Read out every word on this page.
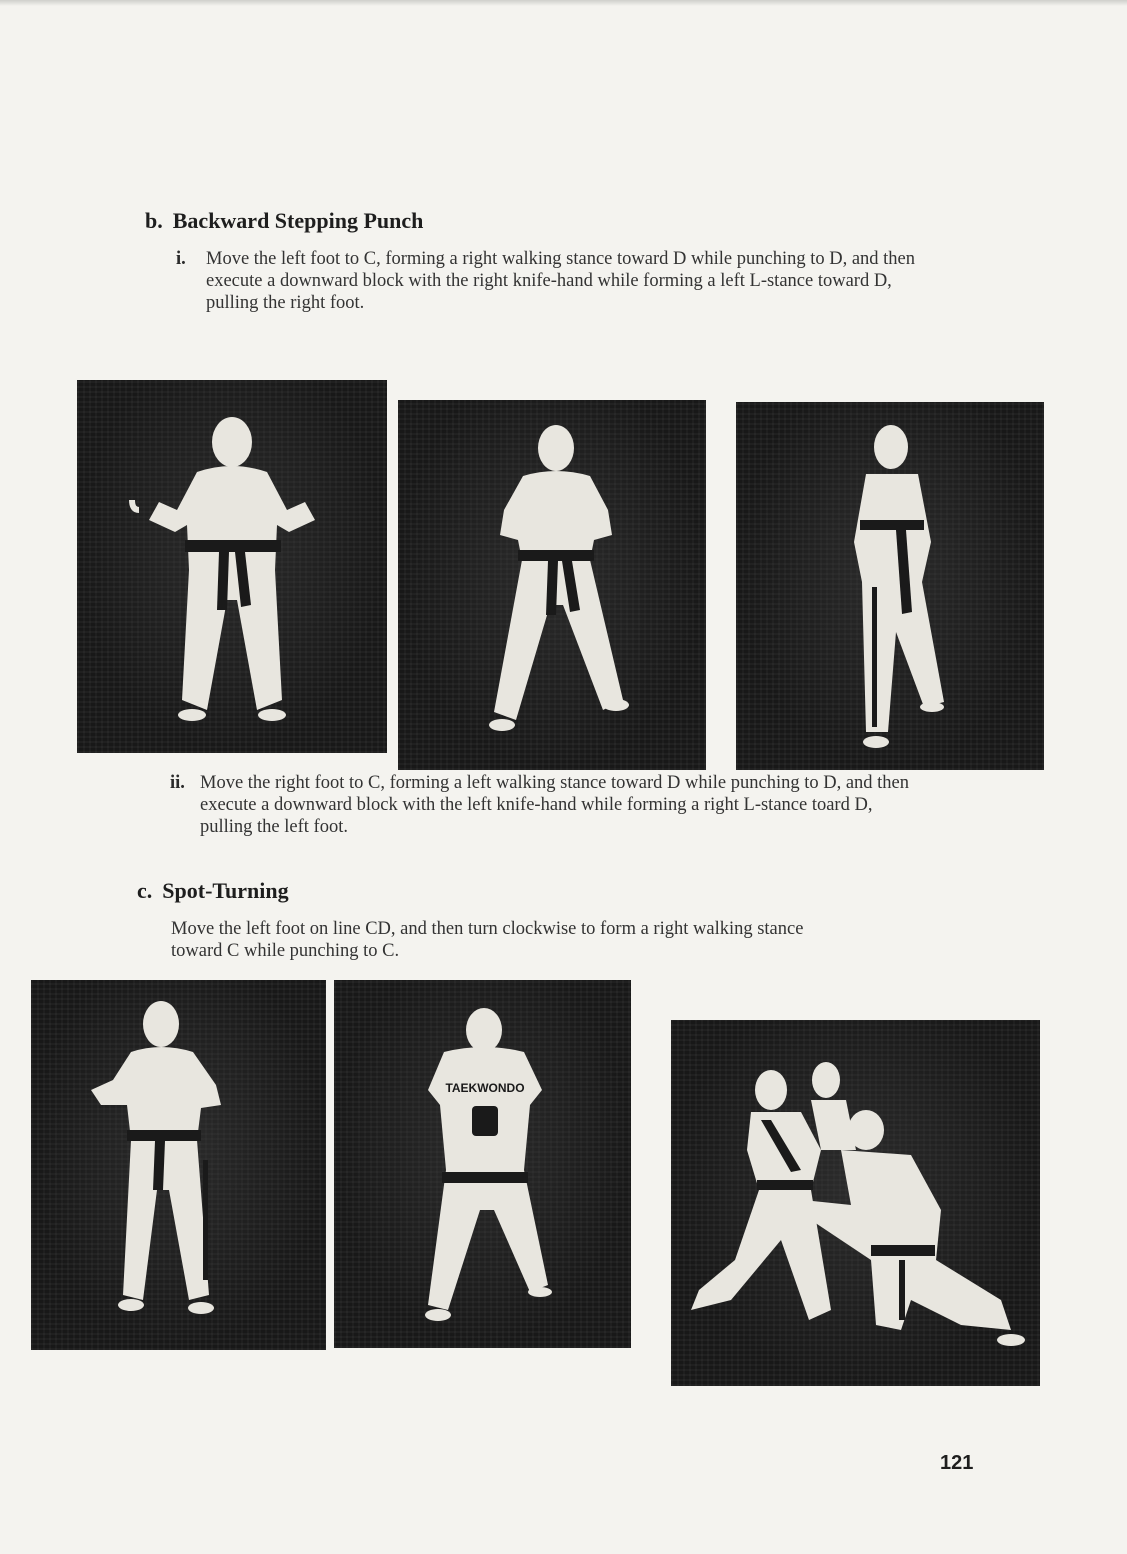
b. Backward Stepping Punch
i. Move the left foot to C, forming a right walking stance toward D while punching to D, and then execute a downward block with the right knife-hand while forming a left L-stance toward D, pulling the right foot.
ii. Move the right foot to C, forming a left walking stance toward D while punching to D, and then execute a downward block with the left knife-hand while forming a right L-stance toard D, pulling the left foot.
c. Spot-Turning
Move the left foot on line CD, and then turn clockwise to form a right walking stance toward C while punching to C.
TAEKWONDO
121
